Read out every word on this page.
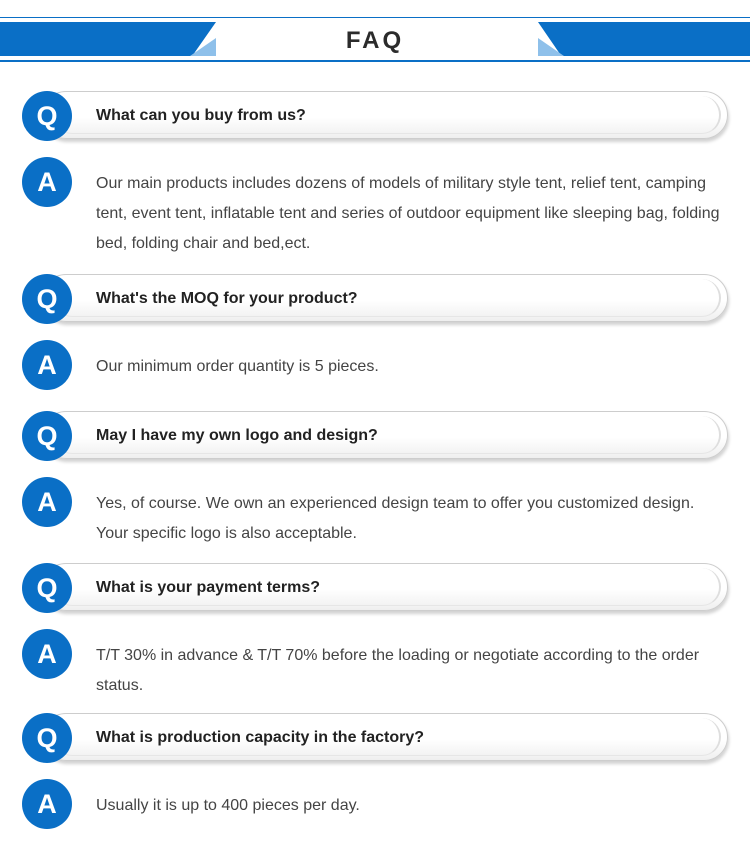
FAQ
Q	What can you buy from us?
A	Our main products includes dozens of models of military style tent, relief tent, camping tent, event tent, inflatable tent and series of outdoor equipment like sleeping bag, folding bed, folding chair and bed,ect.
Q	What's the MOQ for your product?
A	Our minimum order quantity is 5 pieces.
Q	May I have my own logo and design?
A	Yes, of course. We own an experienced design team to offer you customized design. Your specific logo is also acceptable.
Q	What is your payment terms?
A	T/T 30% in advance & T/T 70% before the loading or negotiate according to the order status.
Q	What is production capacity in the factory?
A	Usually it is up to 400 pieces per day.
